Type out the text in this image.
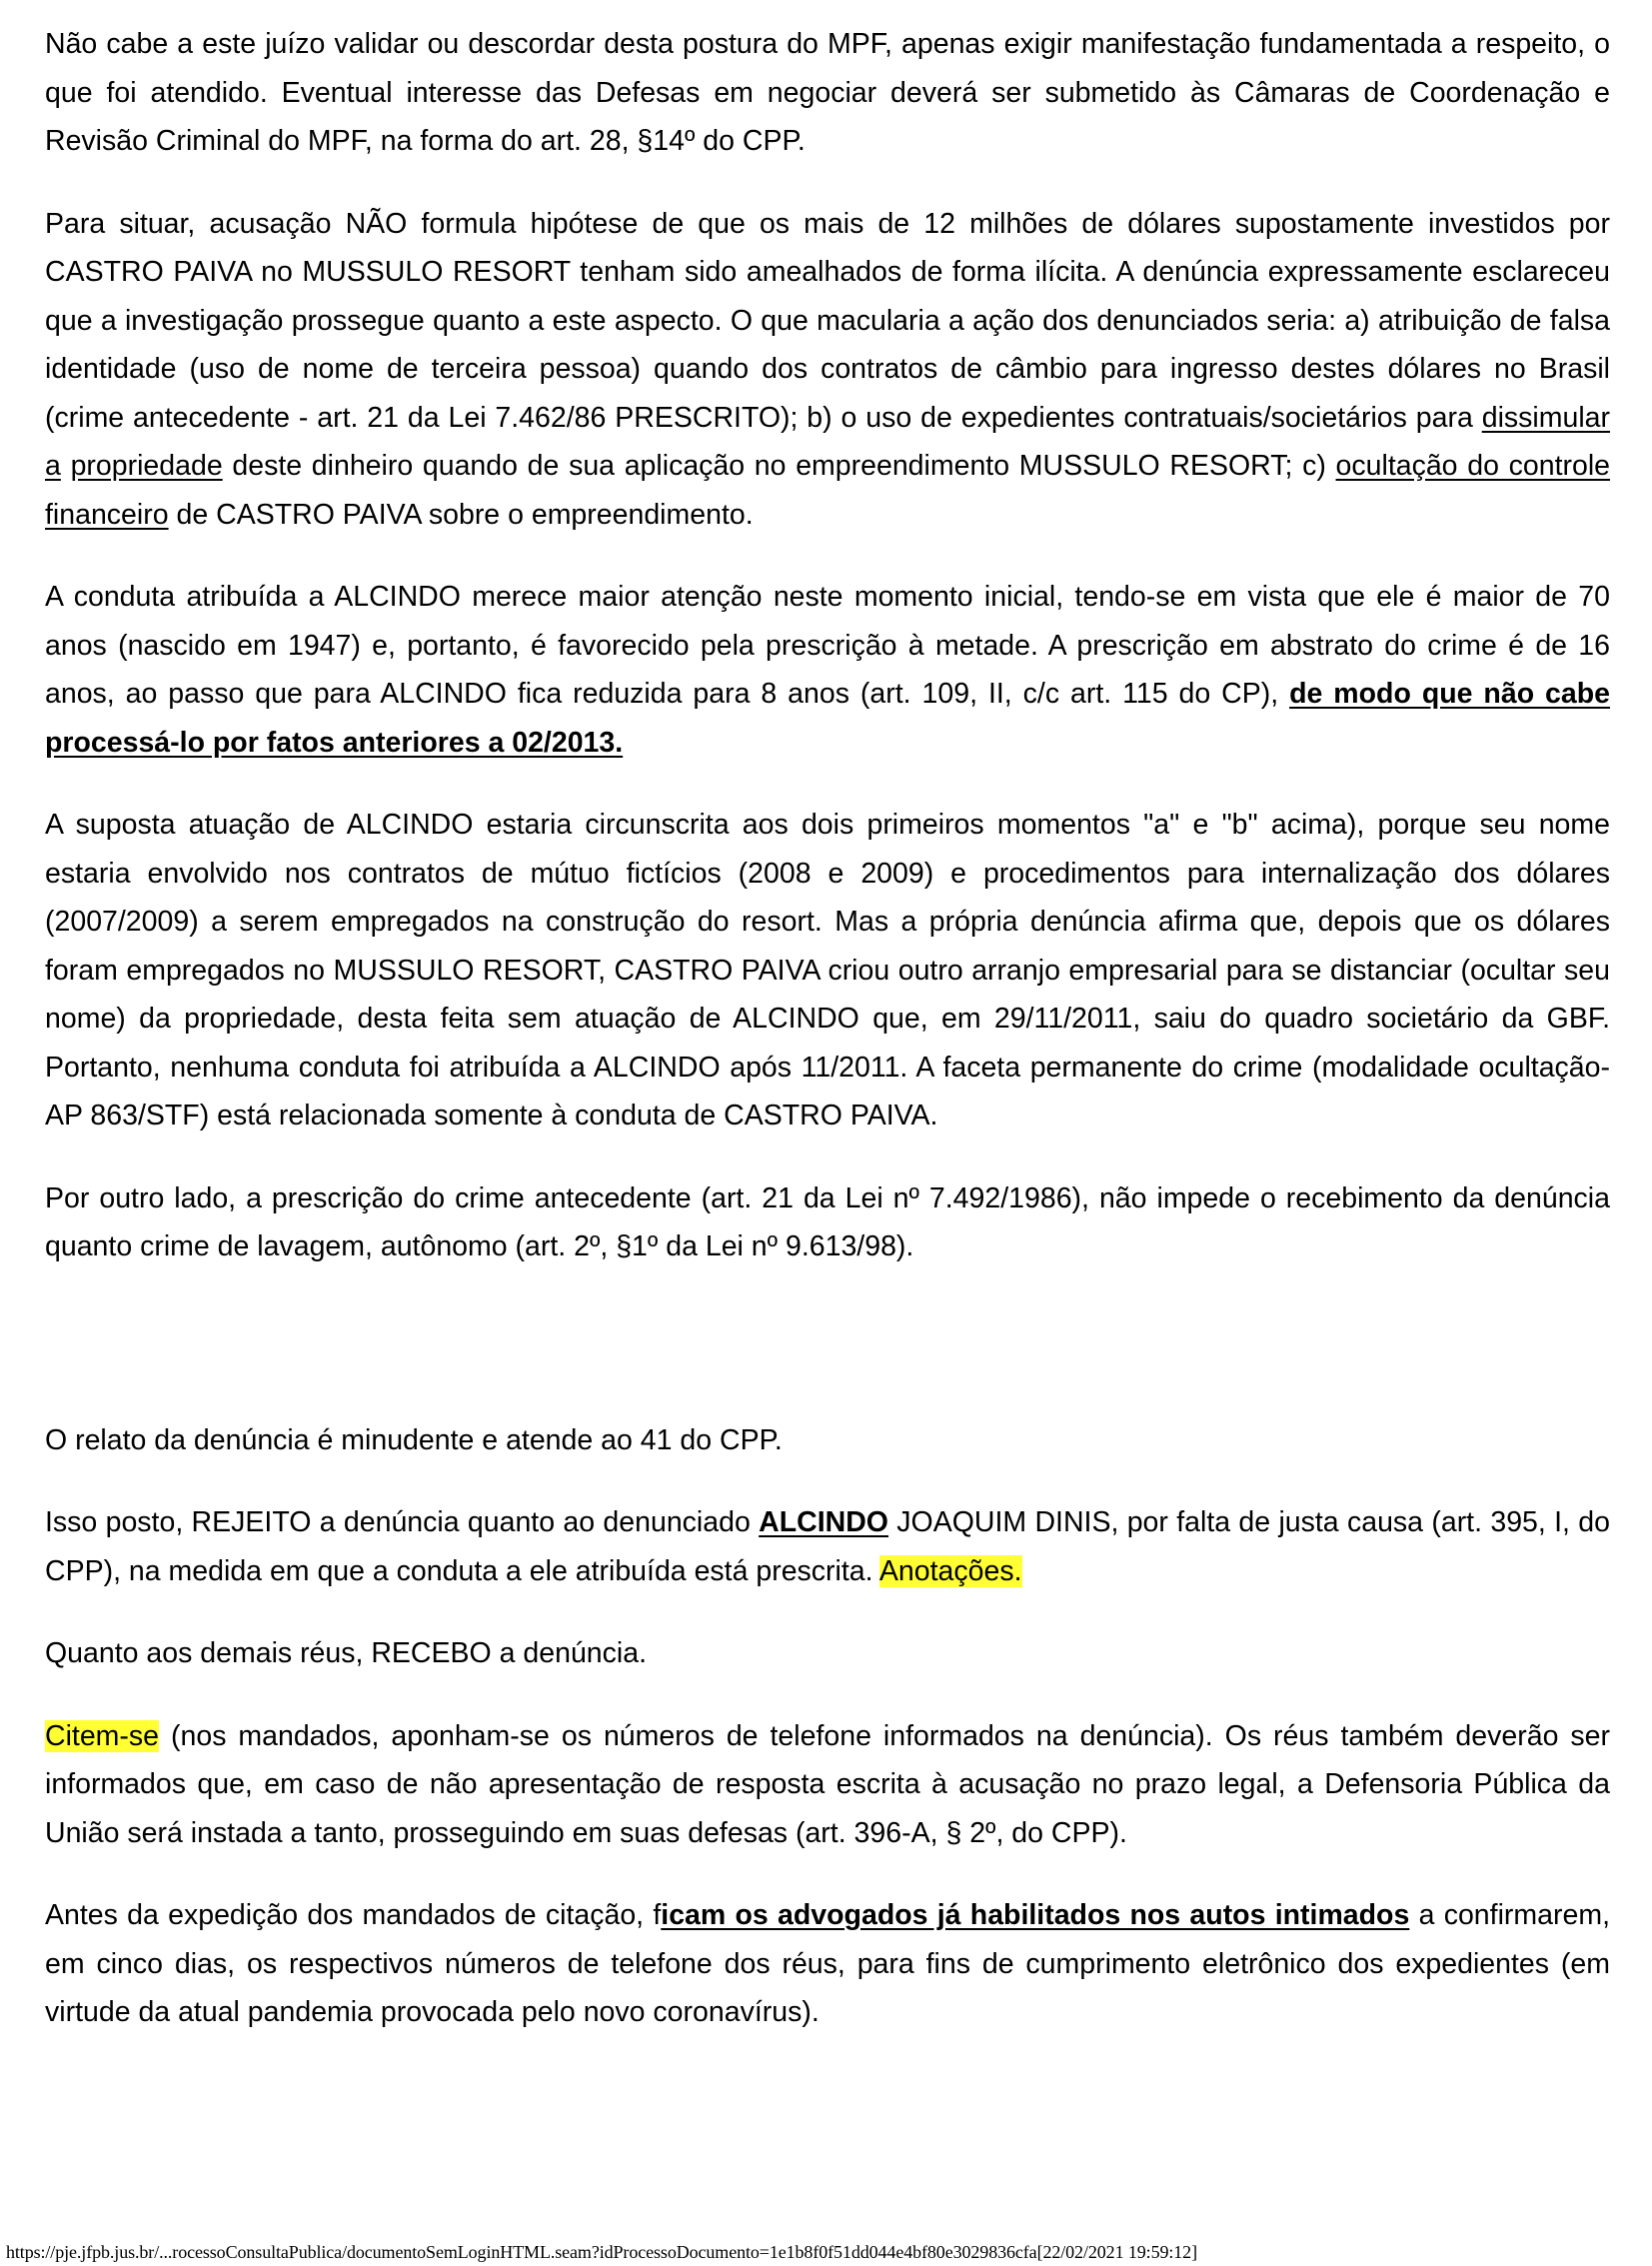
Não cabe a este juízo validar ou descordar desta postura do MPF, apenas exigir manifestação fundamentada a respeito, o que foi atendido. Eventual interesse das Defesas em negociar deverá ser submetido às Câmaras de Coordenação e Revisão Criminal do MPF, na forma do art. 28, §14º do CPP.

Para situar, acusação NÃO formula hipótese de que os mais de 12 milhões de dólares supostamente investidos por CASTRO PAIVA no MUSSULO RESORT tenham sido amealhados de forma ilícita. A denúncia expressamente esclareceu que a investigação prossegue quanto a este aspecto. O que macularia a ação dos denunciados seria: a) atribuição de falsa identidade (uso de nome de terceira pessoa) quando dos contratos de câmbio para ingresso destes dólares no Brasil (crime antecedente - art. 21 da Lei 7.462/86 PRESCRITO); b) o uso de expedientes contratuais/societários para dissimular a propriedade deste dinheiro quando de sua aplicação no empreendimento MUSSULO RESORT; c) ocultação do controle financeiro de CASTRO PAIVA sobre o empreendimento.

A conduta atribuída a ALCINDO merece maior atenção neste momento inicial, tendo-se em vista que ele é maior de 70 anos (nascido em 1947) e, portanto, é favorecido pela prescrição à metade. A prescrição em abstrato do crime é de 16 anos, ao passo que para ALCINDO fica reduzida para 8 anos (art. 109, II, c/c art. 115 do CP), de modo que não cabe processá-lo por fatos anteriores a 02/2013.

A suposta atuação de ALCINDO estaria circunscrita aos dois primeiros momentos "a" e "b" acima), porque seu nome estaria envolvido nos contratos de mútuo fictícios (2008 e 2009) e procedimentos para internalização dos dólares (2007/2009) a serem empregados na construção do resort. Mas a própria denúncia afirma que, depois que os dólares foram empregados no MUSSULO RESORT, CASTRO PAIVA criou outro arranjo empresarial para se distanciar (ocultar seu nome) da propriedade, desta feita sem atuação de ALCINDO que, em 29/11/2011, saiu do quadro societário da GBF. Portanto, nenhuma conduta foi atribuída a ALCINDO após 11/2011. A faceta permanente do crime (modalidade ocultação- AP 863/STF) está relacionada somente à conduta de CASTRO PAIVA.

Por outro lado, a prescrição do crime antecedente (art. 21 da Lei nº 7.492/1986), não impede o recebimento da denúncia quanto crime de lavagem, autônomo (art. 2º, §1º da Lei nº 9.613/98).

O relato da denúncia é minudente e atende ao 41 do CPP.

Isso posto, REJEITO a denúncia quanto ao denunciado ALCINDO JOAQUIM DINIS, por falta de justa causa (art. 395, I, do CPP), na medida em que a conduta a ele atribuída está prescrita. Anotações.

Quanto aos demais réus, RECEBO a denúncia.

Citem-se (nos mandados, aponham-se os números de telefone informados na denúncia). Os réus também deverão ser informados que, em caso de não apresentação de resposta escrita à acusação no prazo legal, a Defensoria Pública da União será instada a tanto, prosseguindo em suas defesas (art. 396-A, § 2º, do CPP).

Antes da expedição dos mandados de citação, ficam os advogados já habilitados nos autos intimados a confirmarem, em cinco dias, os respectivos números de telefone dos réus, para fins de cumprimento eletrônico dos expedientes (em virtude da atual pandemia provocada pelo novo coronavírus).

https://pje.jfpb.jus.br/...rocessoConsultaPublica/documentoSemLoginHTML.seam?idProcessoDocumento=1e1b8f0f51dd044e4bf80e3029836cfa[22/02/2021 19:59:12]
